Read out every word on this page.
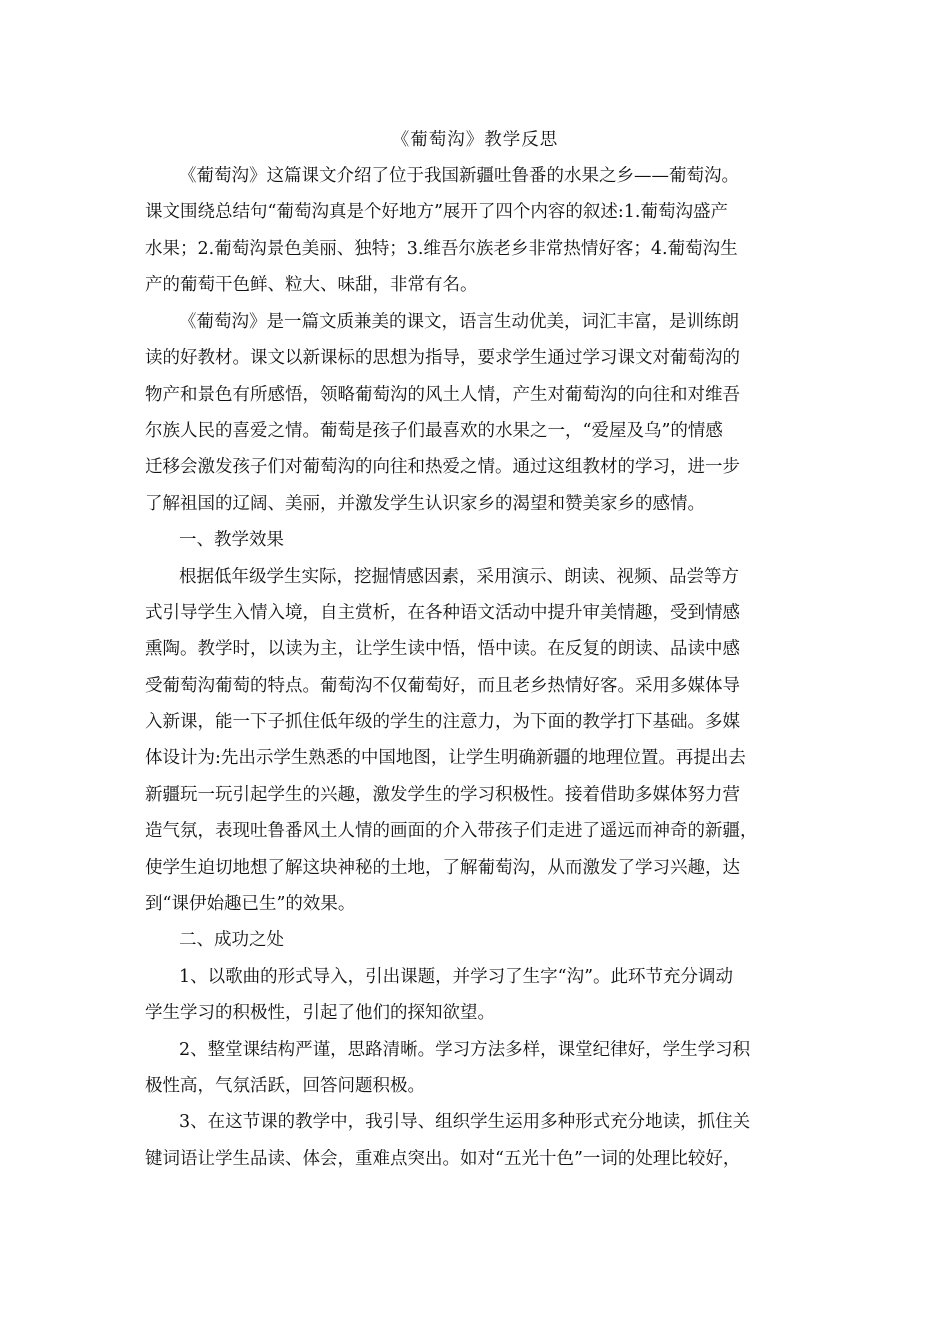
《葡萄沟》教学反思
《葡萄沟》这篇课文介绍了位于我国新疆吐鲁番的水果之乡——葡萄沟。
课文围绕总结句“葡萄沟真是个好地方”展开了四个内容的叙述:1.葡萄沟盛产
水果；2.葡萄沟景色美丽、独特；3.维吾尔族老乡非常热情好客；4.葡萄沟生
产的葡萄干色鲜、粒大、味甜，非常有名。
《葡萄沟》是一篇文质兼美的课文，语言生动优美，词汇丰富，是训练朗
读的好教材。课文以新课标的思想为指导，要求学生通过学习课文对葡萄沟的
物产和景色有所感悟，领略葡萄沟的风土人情，产生对葡萄沟的向往和对维吾
尔族人民的喜爱之情。葡萄是孩子们最喜欢的水果之一，“爱屋及乌”的情感
迁移会激发孩子们对葡萄沟的向往和热爱之情。通过这组教材的学习，进一步
了解祖国的辽阔、美丽，并激发学生认识家乡的渴望和赞美家乡的感情。
一、教学效果
根据低年级学生实际，挖掘情感因素，采用演示、朗读、视频、品尝等方
式引导学生入情入境，自主赏析，在各种语文活动中提升审美情趣，受到情感
熏陶。教学时，以读为主，让学生读中悟，悟中读。在反复的朗读、品读中感
受葡萄沟葡萄的特点。葡萄沟不仅葡萄好，而且老乡热情好客。采用多媒体导
入新课，能一下子抓住低年级的学生的注意力，为下面的教学打下基础。多媒
体设计为:先出示学生熟悉的中国地图，让学生明确新疆的地理位置。再提出去
新疆玩一玩引起学生的兴趣，激发学生的学习积极性。接着借助多媒体努力营
造气氛，表现吐鲁番风土人情的画面的介入带孩子们走进了遥远而神奇的新疆，
使学生迫切地想了解这块神秘的土地，了解葡萄沟，从而激发了学习兴趣，达
到“课伊始趣已生”的效果。
二、成功之处
1、以歌曲的形式导入，引出课题，并学习了生字“沟”。此环节充分调动
学生学习的积极性，引起了他们的探知欲望。
2、整堂课结构严谨，思路清晰。学习方法多样，课堂纪律好，学生学习积
极性高，气氛活跃，回答问题积极。
3、在这节课的教学中，我引导、组织学生运用多种形式充分地读，抓住关
键词语让学生品读、体会，重难点突出。如对“五光十色”一词的处理比较好，
